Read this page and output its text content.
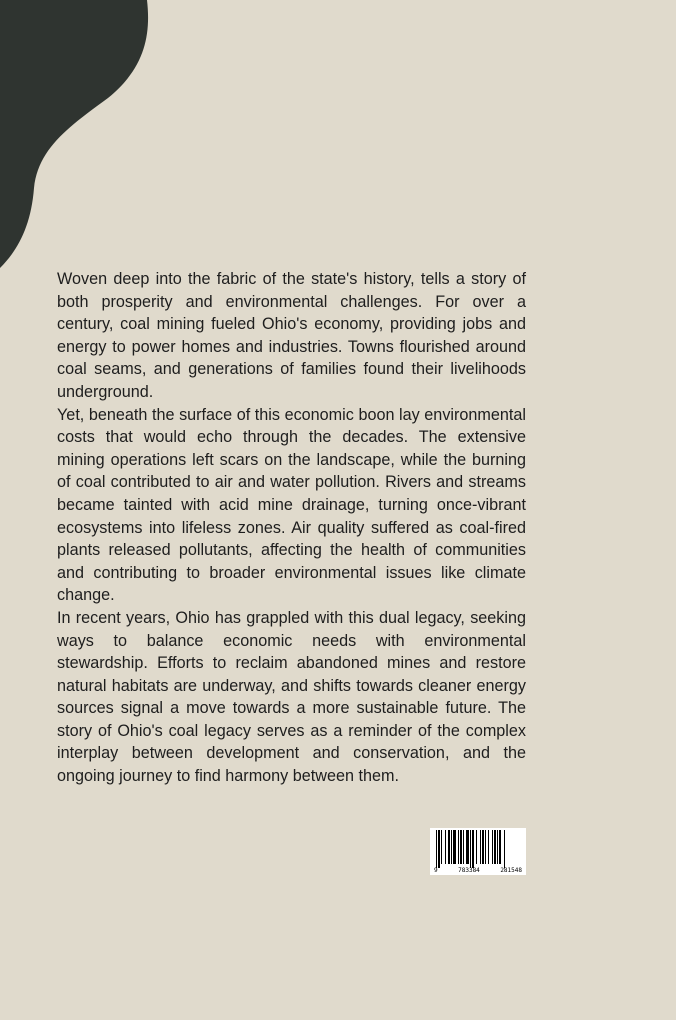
Woven deep into the fabric of the state's history, tells a story of both prosperity and environmental challenges. For over a century, coal mining fueled Ohio's economy, providing jobs and energy to power homes and industries. Towns flourished around coal seams, and generations of families found their livelihoods underground.

Yet, beneath the surface of this economic boon lay environmental costs that would echo through the decades. The extensive mining operations left scars on the landscape, while the burning of coal contributed to air and water pollution. Rivers and streams became tainted with acid mine drainage, turning once-vibrant ecosystems into lifeless zones. Air quality suffered as coal-fired plants released pollutants, affecting the health of communities and contributing to broader environmental issues like climate change.

In recent years, Ohio has grappled with this dual legacy, seeking ways to balance economic needs with environmental stewardship. Efforts to reclaim abandoned mines and restore natural habitats are underway, and shifts towards cleaner energy sources signal a move towards a more sustainable future. The story of Ohio's coal legacy serves as a reminder of the complex interplay between development and conservation, and the ongoing journey to find harmony between them.

9	783384	281548
